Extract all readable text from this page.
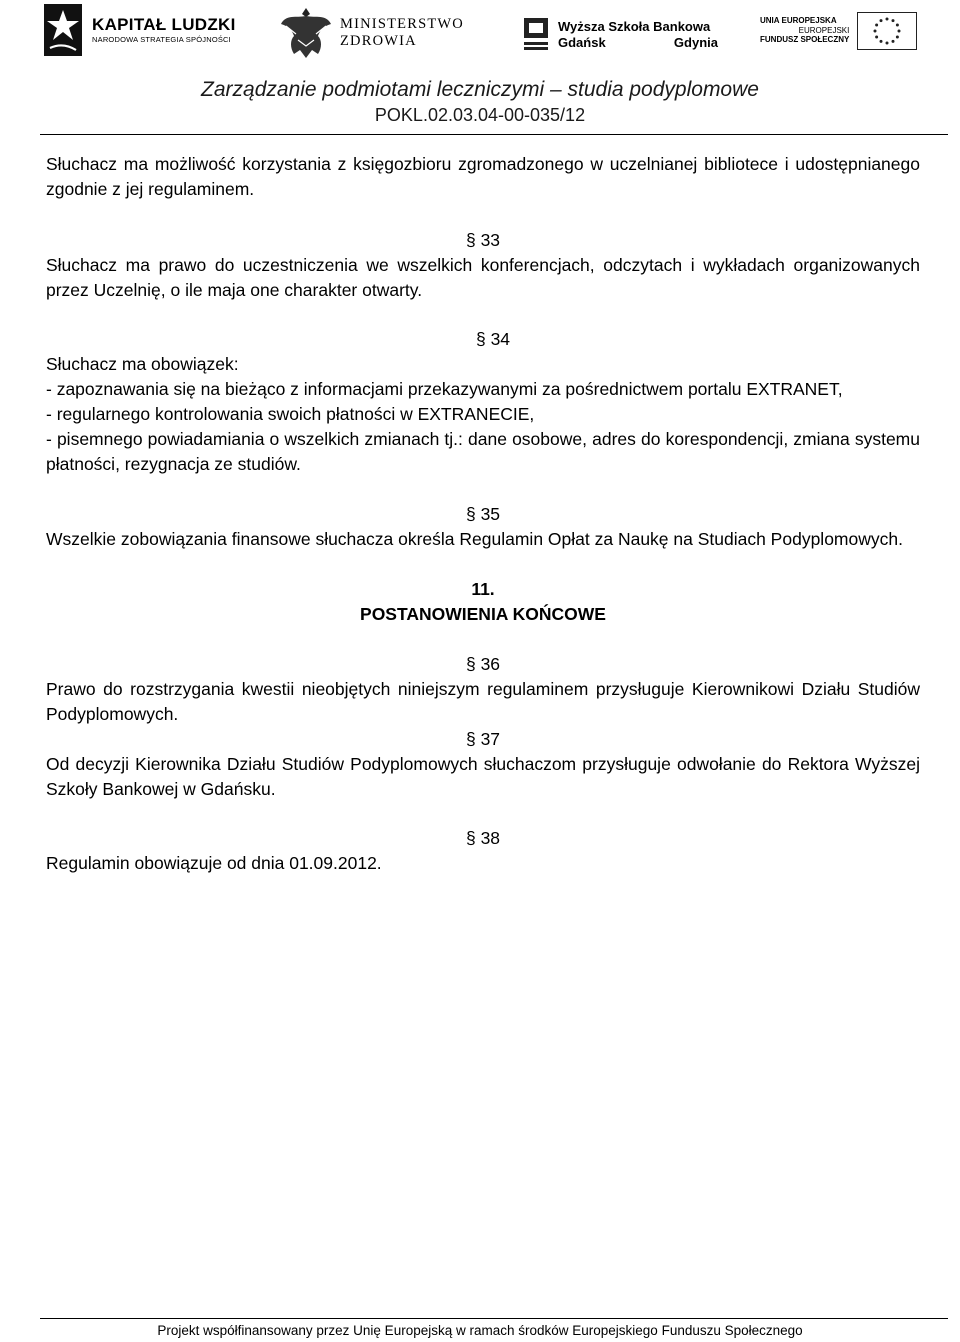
KAPITAŁ LUDZKI
NARODOWA STRATEGIA SPÓJNOŚCI
MINISTERSTWO
ZDROWIA
Wyższa Szkoła Bankowa
Gdańsk	Gdynia
UNIA EUROPEJSKA
EUROPEJSKI
FUNDUSZ SPOŁECZNY
Zarządzanie podmiotami leczniczymi – studia podyplomowe
POKL.02.03.04-00-035/12
Słuchacz ma możliwość korzystania z księgozbioru zgromadzonego w uczelnianej bibliotece i udostępnianego zgodnie z jej regulaminem.
§ 33
Słuchacz ma prawo do uczestniczenia we wszelkich konferencjach, odczytach i wykładach organizowanych przez Uczelnię, o ile maja one charakter otwarty.
§ 34
Słuchacz ma obowiązek:
- zapoznawania się na bieżąco z informacjami przekazywanymi za pośrednictwem portalu EXTRANET,
- regularnego kontrolowania swoich płatności w EXTRANECIE,
- pisemnego powiadamiania o wszelkich zmianach tj.: dane osobowe, adres do korespondencji, zmiana systemu płatności, rezygnacja ze studiów.
§ 35
Wszelkie zobowiązania finansowe słuchacza określa Regulamin Opłat za Naukę na Studiach Podyplomowych.
11.
POSTANOWIENIA KOŃCOWE
§ 36
Prawo do rozstrzygania kwestii nieobjętych niniejszym regulaminem przysługuje Kierownikowi Działu Studiów Podyplomowych.
§ 37
Od decyzji Kierownika Działu Studiów Podyplomowych słuchaczom przysługuje odwołanie do Rektora Wyższej Szkoły Bankowej w Gdańsku.
§ 38
Regulamin obowiązuje od dnia 01.09.2012.
Projekt współfinansowany przez Unię Europejską w ramach środków Europejskiego Funduszu Społecznego
